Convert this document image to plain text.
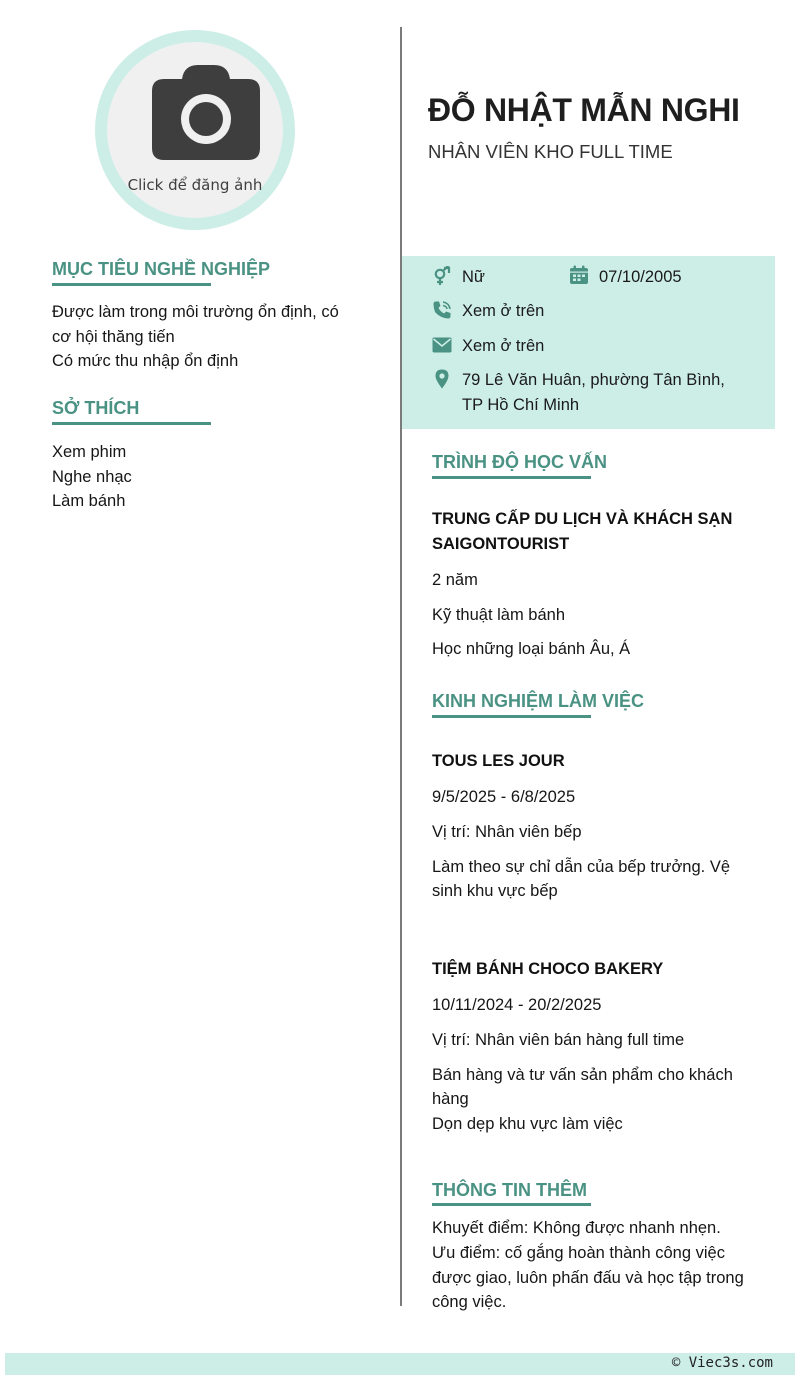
Click để đăng ảnh
MỤC TIÊU NGHỀ NGHIỆP
Được làm trong môi trường ổn định, có
cơ hội thăng tiến
Có mức thu nhập ổn định
SỞ THÍCH
Xem phim
Nghe nhạc
Làm bánh
ĐỖ NHẬT MẪN NGHI
NHÂN VIÊN KHO FULL TIME
Nữ	07/10/2005
Xem ở trên
Xem ở trên
79 Lê Văn Huân, phường Tân Bình,
TP Hồ Chí Minh
TRÌNH ĐỘ HỌC VẤN
TRUNG CẤP DU LỊCH VÀ KHÁCH SẠN
SAIGONTOURIST
2 năm
Kỹ thuật làm bánh
Học những loại bánh Âu, Á
KINH NGHIỆM LÀM VIỆC
TOUS LES JOUR
9/5/2025 - 6/8/2025
Vị trí: Nhân viên bếp
Làm theo sự chỉ dẫn của bếp trưởng. Vệ
sinh khu vực bếp
TIỆM BÁNH CHOCO BAKERY
10/11/2024 - 20/2/2025
Vị trí: Nhân viên bán hàng full time
Bán hàng và tư vấn sản phẩm cho khách
hàng
Dọn dẹp khu vực làm việc
THÔNG TIN THÊM
Khuyết điểm: Không được nhanh nhẹn.
Ưu điểm: cố gắng hoàn thành công việc
được giao, luôn phấn đấu và học tập trong
công việc.
© Viec3s.com
